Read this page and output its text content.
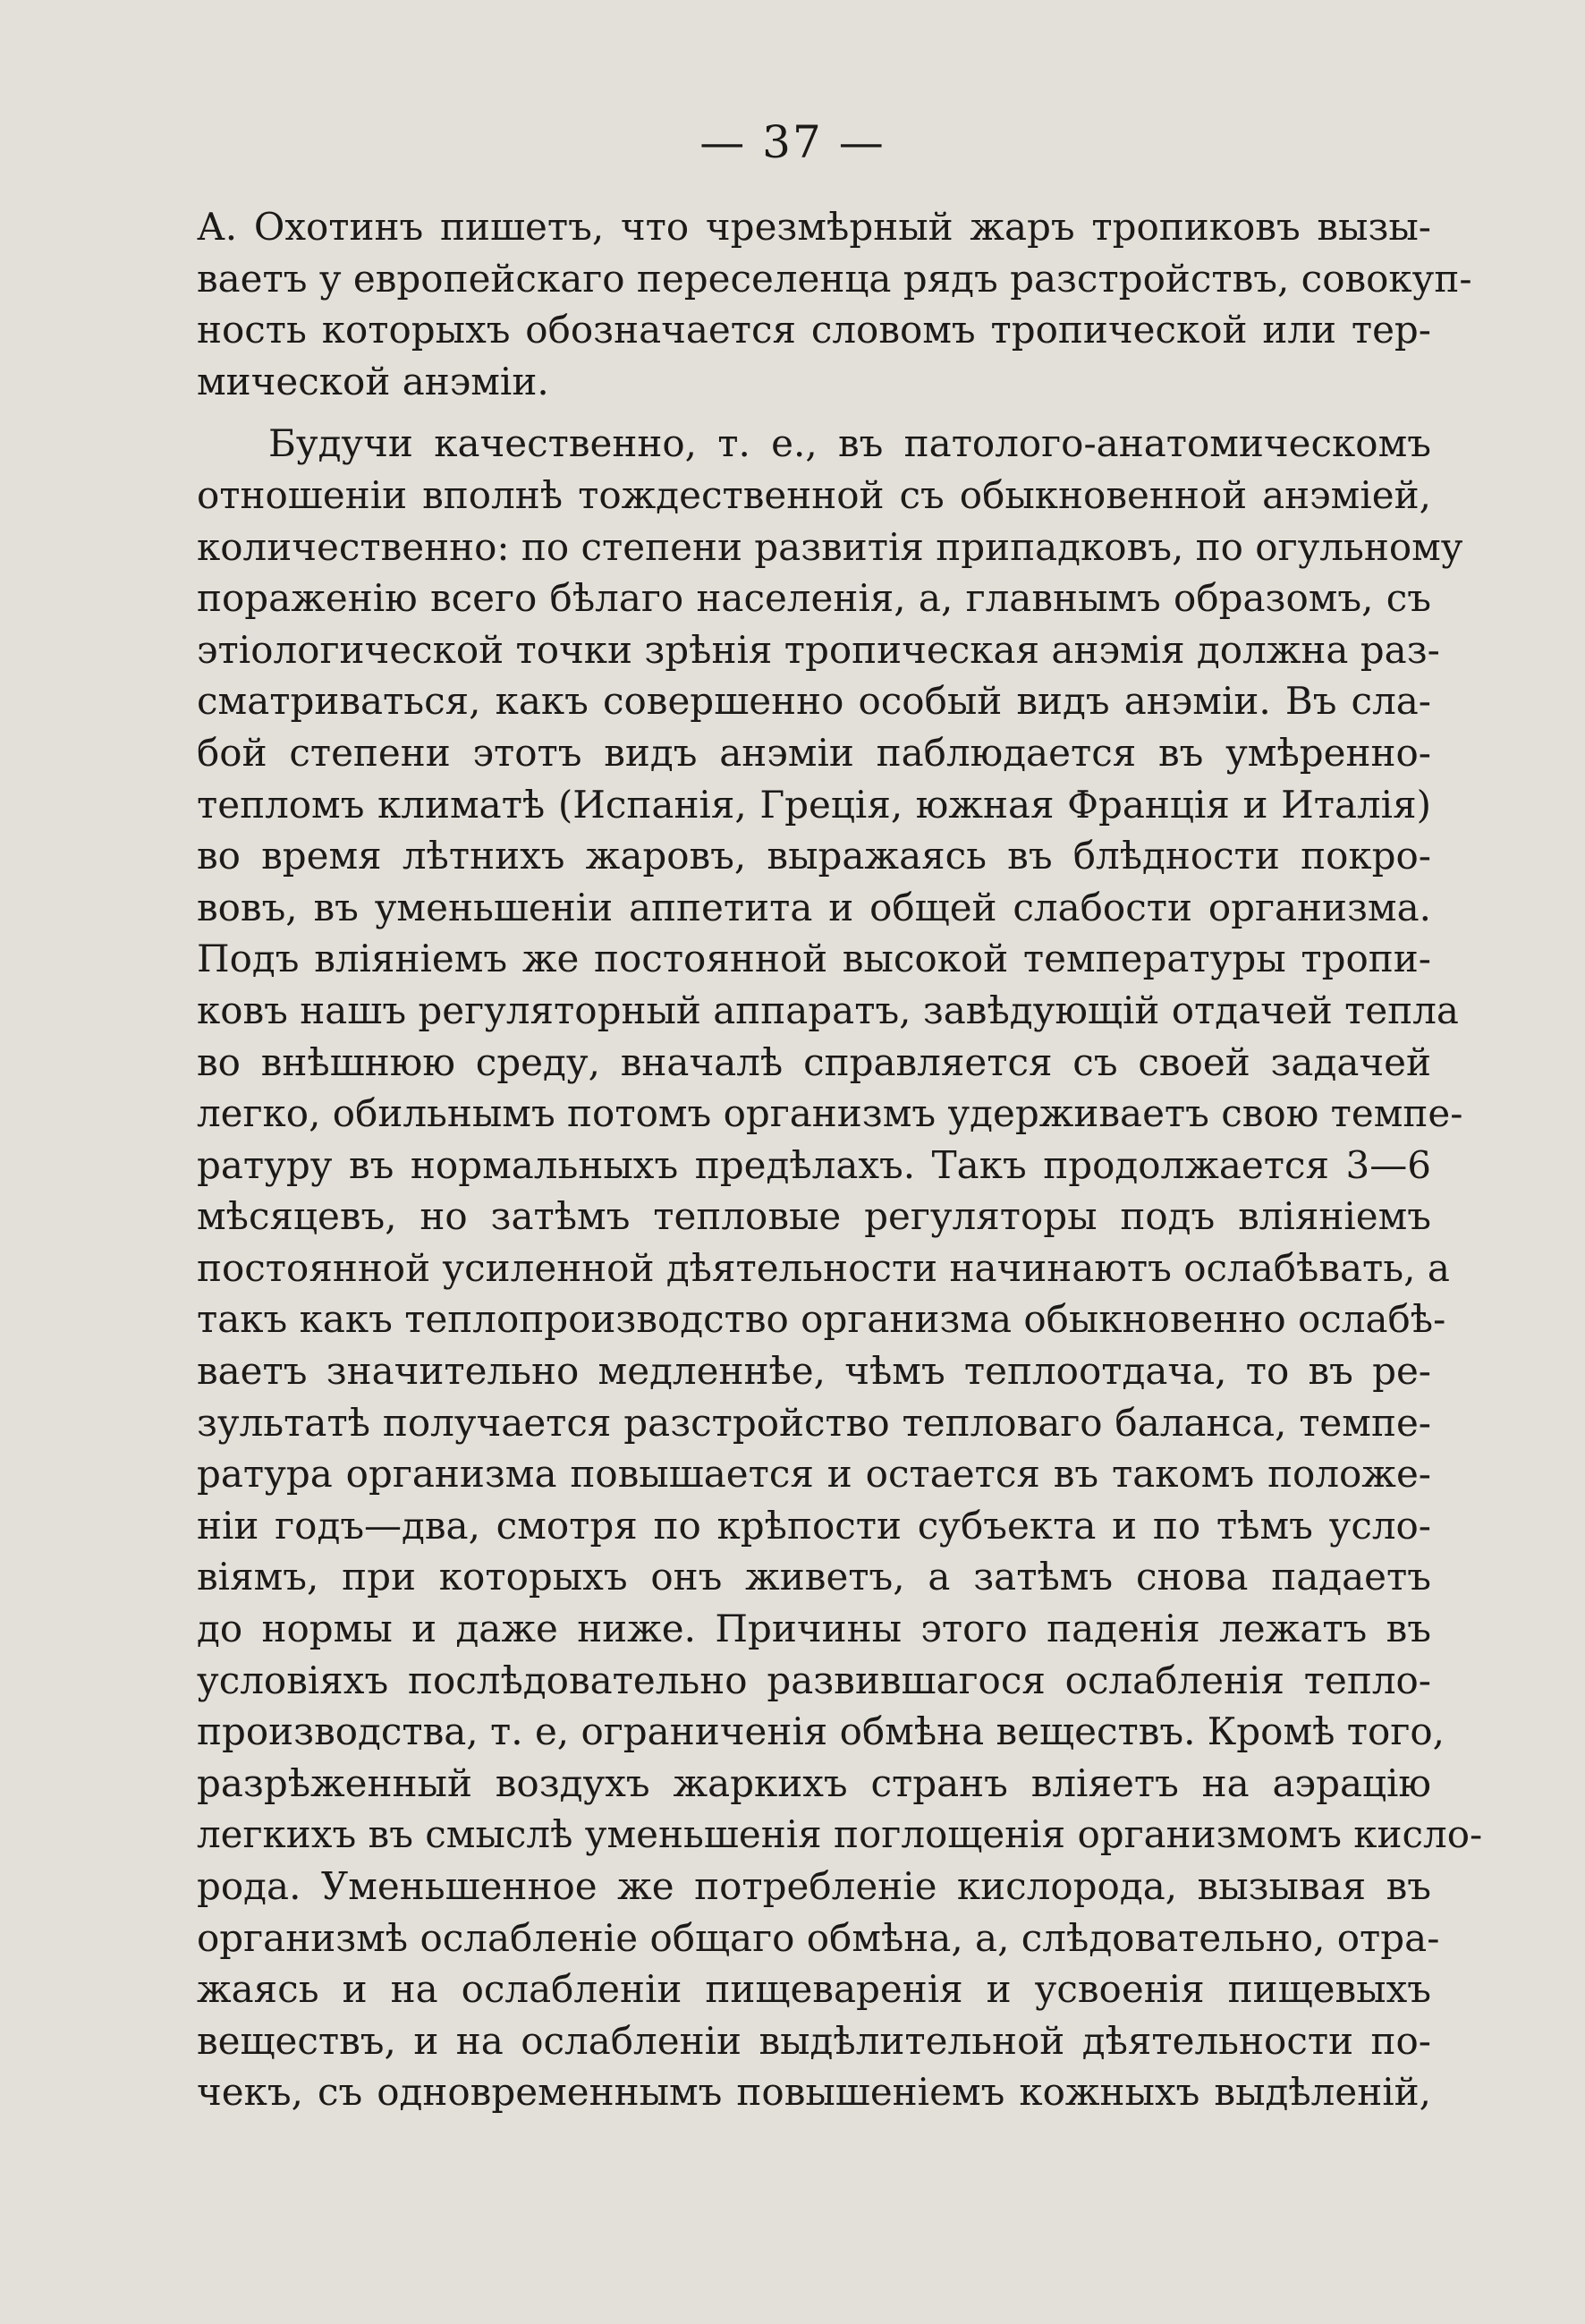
— 37 —
А. Охотинъ пишетъ, что чрезмѣрный жаръ тропиковъ вызы-
ваетъ у европейскаго переселенца рядъ разстройствъ, совокуп-
ность которыхъ обозначается словомъ тропической или тер-
мической анэміи.
Будучи качественно, т. е., въ патолого-анатомическомъ
отношеніи вполнѣ тождественной съ обыкновенной анэміей,
количественно: по степени развитія припадковъ, по огульному
пораженію всего бѣлаго населенія, а, главнымъ образомъ, съ
этіологической точки зрѣнія тропическая анэмія должна раз-
сматриваться, какъ совершенно особый видъ анэміи. Въ сла-
бой степени этотъ видъ анэміи паблюдается въ умѣренно-
тепломъ климатѣ (Испанія, Грецiя, южная Франція и Италія)
во время лѣтнихъ жаровъ, выражаясь въ блѣдности покро-
вовъ, въ уменьшеніи аппетита и общей слабости организма.
Подъ вліяніемъ же постоянной высокой температуры тропи-
ковъ нашъ регуляторный аппаратъ, завѣдующій отдачей тепла
во внѣшнюю среду, вначалѣ справляется съ своей задачей
легко, обильнымъ потомъ организмъ удерживаетъ свою темпе-
ратуру въ нормальныхъ предѣлахъ. Такъ продолжается 3—6
мѣсяцевъ, но затѣмъ тепловые регуляторы подъ вліяніемъ
постоянной усиленной дѣятельности начинаютъ ослабѣвать, а
такъ какъ теплопроизводство организма обыкновенно ослабѣ-
ваетъ значительно медленнѣе, чѣмъ теплоотдача, то въ ре-
зультатѣ получается разстройство тепловаго баланса, темпе-
ратура организма повышается и остается въ такомъ положе-
ніи годъ—два, смотря по крѣпости субъекта и по тѣмъ усло-
віямъ, при которыхъ онъ живетъ, а затѣмъ снова падаетъ
до нормы и даже ниже. Причины этого паденія лежатъ въ
условіяхъ послѣдовательно развившагося ослабленія тепло-
производства, т. е, ограниченія обмѣна веществъ. Кромѣ того,
разрѣженный воздухъ жаркихъ странъ вліяетъ на аэрацію
легкихъ въ смыслѣ уменьшенія поглощенія организмомъ кисло-
рода. Уменьшенное же потребленіе кислорода, вызывая въ
организмѣ ослабленіе общаго обмѣна, а, слѣдовательно, отра-
жаясь и на ослабленіи пищеваренія и усвоенія пищевыхъ
веществъ, и на ослабленіи выдѣлительной дѣятельности по-
чекъ, съ одновременнымъ повышеніемъ кожныхъ выдѣленій,
